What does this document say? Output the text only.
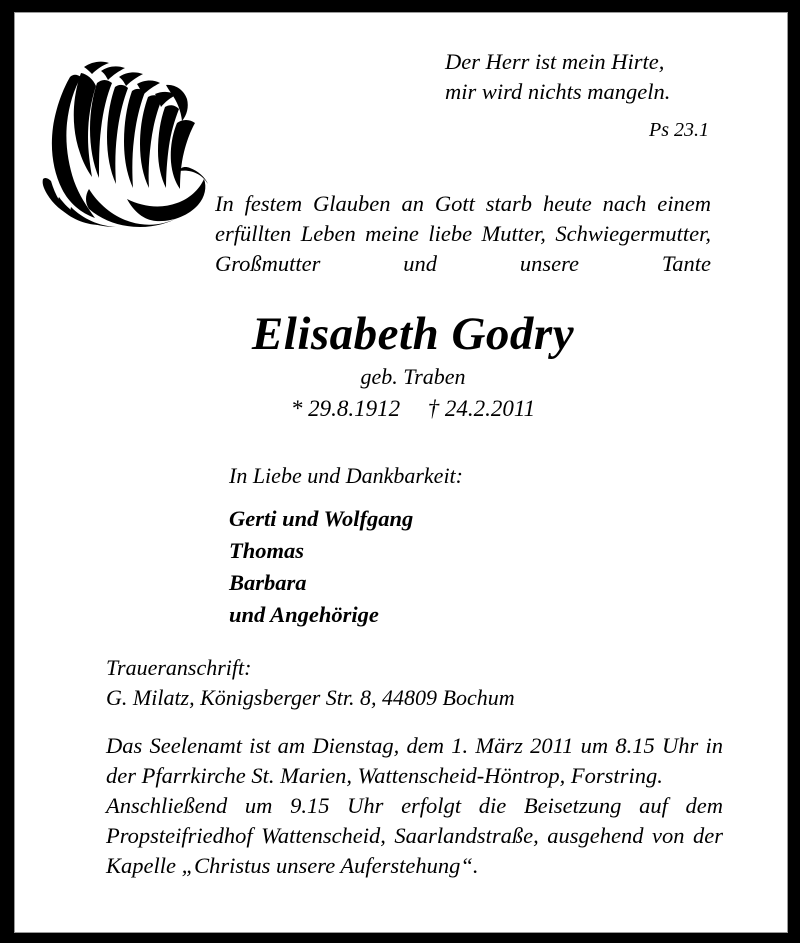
Der Herr ist mein Hirte,
mir wird nichts mangeln.
Ps 23.1
In festem Glauben an Gott starb heute nach einem erfüllten Leben meine liebe Mutter, Schwiegermutter, Großmutter und unsere Tante
Elisabeth Godry
geb. Traben
* 29.8.1912 † 24.2.2011
In Liebe und Dankbarkeit:
Gerti und Wolfgang
Thomas
Barbara
und Angehörige
Traueranschrift:
G. Milatz, Königsberger Str. 8, 44809 Bochum
Das Seelenamt ist am Dienstag, dem 1. März 2011 um 8.15 Uhr in der Pfarrkirche St. Marien, Wattenscheid-Höntrop, Forstring.
Anschließend um 9.15 Uhr erfolgt die Beisetzung auf dem Propsteifriedhof Wattenscheid, Saarlandstraße, ausgehend von der Kapelle „Christus unsere Auferstehung“.
